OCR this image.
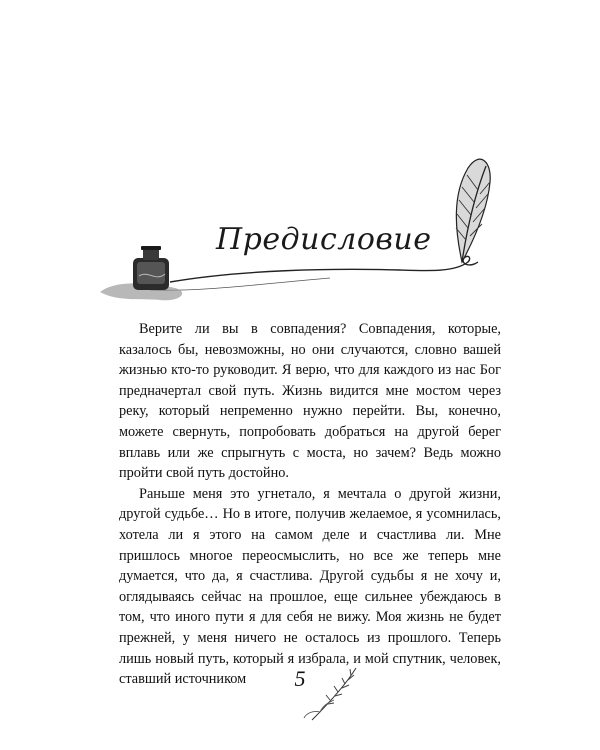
Предисловие

Верите ли вы в совпадения? Совпадения, которые, казалось бы, невозможны, но они случаются, словно вашей жизнью кто-то руководит. Я верю, что для каждого из нас Бог предначертал свой путь. Жизнь видится мне мостом через реку, который непременно нужно перейти. Вы, конечно, можете свернуть, попробовать добраться на другой берег вплавь или же спрыгнуть с моста, но зачем? Ведь можно пройти свой путь достойно.

Раньше меня это угнетало, я мечтала о другой жизни, другой судьбе… Но в итоге, получив желаемое, я усомнилась, хотела ли я этого на самом деле и счастлива ли. Мне пришлось многое переосмыслить, но все же теперь мне думается, что да, я счастлива. Другой судьбы я не хочу и, оглядываясь сейчас на прошлое, еще сильнее убеждаюсь в том, что иного пути я для себя не вижу. Моя жизнь не будет прежней, у меня ничего не осталось из прошлого. Теперь лишь новый путь, который я избрала, и мой спутник, человек, ставший источником	5
